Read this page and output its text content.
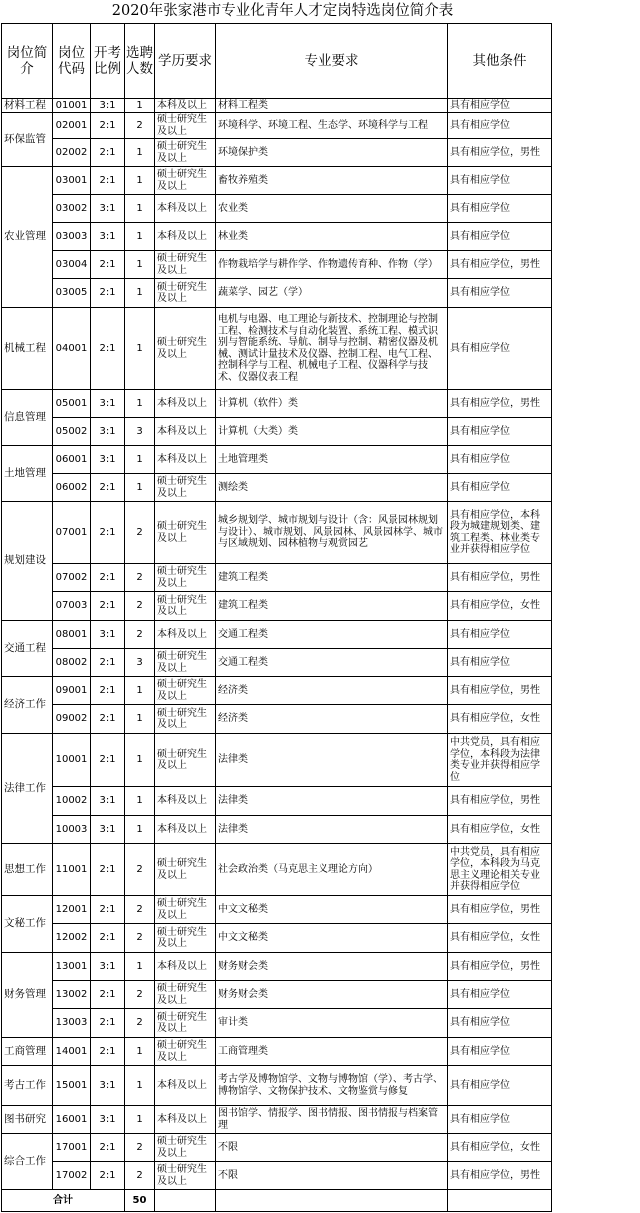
2020年张家港市专业化青年人才定岗特选岗位简介表
岗位简介	岗位代码	开考比例	选聘人数	学历要求	专业要求	其他条件
材料工程	01001	3:1	1	本科及以上	材料工程类	具有相应学位
环保监管	02001	2:1	2	硕士研究生及以上	环境科学、环境工程、生态学、环境科学与工程	具有相应学位
	02002	2:1	1	硕士研究生及以上	环境保护类	具有相应学位，男性
农业管理	03001	2:1	1	硕士研究生及以上	畜牧养殖类	具有相应学位
	03002	3:1	1	本科及以上	农业类	具有相应学位
	03003	3:1	1	本科及以上	林业类	具有相应学位
	03004	2:1	1	硕士研究生及以上	作物栽培学与耕作学、作物遗传育种、作物（学）	具有相应学位，男性
	03005	2:1	1	硕士研究生及以上	蔬菜学、园艺（学）	具有相应学位
机械工程	04001	2:1	1	硕士研究生及以上	电机与电器、电工理论与新技术、控制理论与控制工程、检测技术与自动化装置、系统工程、模式识别与智能系统、导航、制导与控制、精密仪器及机械、测试计量技术及仪器、控制工程、电气工程、控制科学与工程、机械电子工程、仪器科学与技术、仪器仪表工程	具有相应学位
信息管理	05001	3:1	1	本科及以上	计算机（软件）类	具有相应学位，男性
	05002	3:1	3	本科及以上	计算机（大类）类	具有相应学位
土地管理	06001	3:1	1	本科及以上	土地管理类	具有相应学位
	06002	2:1	1	硕士研究生及以上	测绘类	具有相应学位
规划建设	07001	2:1	2	硕士研究生及以上	城乡规划学、城市规划与设计（含：风景园林规划与设计）、城市规划、风景园林、风景园林学、城市与区域规划、园林植物与观赏园艺	具有相应学位，本科段为城建规划类、建筑工程类、林业类专业并获得相应学位
	07002	2:1	2	硕士研究生及以上	建筑工程类	具有相应学位，男性
	07003	2:1	2	硕士研究生及以上	建筑工程类	具有相应学位，女性
交通工程	08001	3:1	2	本科及以上	交通工程类	具有相应学位
	08002	2:1	3	硕士研究生及以上	交通工程类	具有相应学位
经济工作	09001	2:1	1	硕士研究生及以上	经济类	具有相应学位，男性
	09002	2:1	1	硕士研究生及以上	经济类	具有相应学位，女性
法律工作	10001	2:1	1	硕士研究生及以上	法律类	中共党员，具有相应学位，本科段为法律类专业并获得相应学位
	10002	3:1	1	本科及以上	法律类	具有相应学位，男性
	10003	3:1	1	本科及以上	法律类	具有相应学位，女性
思想工作	11001	2:1	2	硕士研究生及以上	社会政治类（马克思主义理论方向）	中共党员，具有相应学位，本科段为马克思主义理论相关专业并获得相应学位
文秘工作	12001	2:1	2	硕士研究生及以上	中文文秘类	具有相应学位，男性
	12002	2:1	2	硕士研究生及以上	中文文秘类	具有相应学位，女性
财务管理	13001	3:1	1	本科及以上	财务财会类	具有相应学位，男性
	13002	2:1	2	硕士研究生及以上	财务财会类	具有相应学位
	13003	2:1	2	硕士研究生及以上	审计类	具有相应学位
工商管理	14001	2:1	1	硕士研究生及以上	工商管理类	具有相应学位
考古工作	15001	3:1	1	本科及以上	考古学及博物馆学、文物与博物馆（学）、考古学、博物馆学、文物保护技术、文物鉴赏与修复	具有相应学位
图书研究	16001	3:1	1	本科及以上	图书馆学、情报学、图书情报、图书情报与档案管理	具有相应学位
综合工作	17001	2:1	2	硕士研究生及以上	不限	具有相应学位，女性
	17002	2:1	2	硕士研究生及以上	不限	具有相应学位，男性
合计			50			
